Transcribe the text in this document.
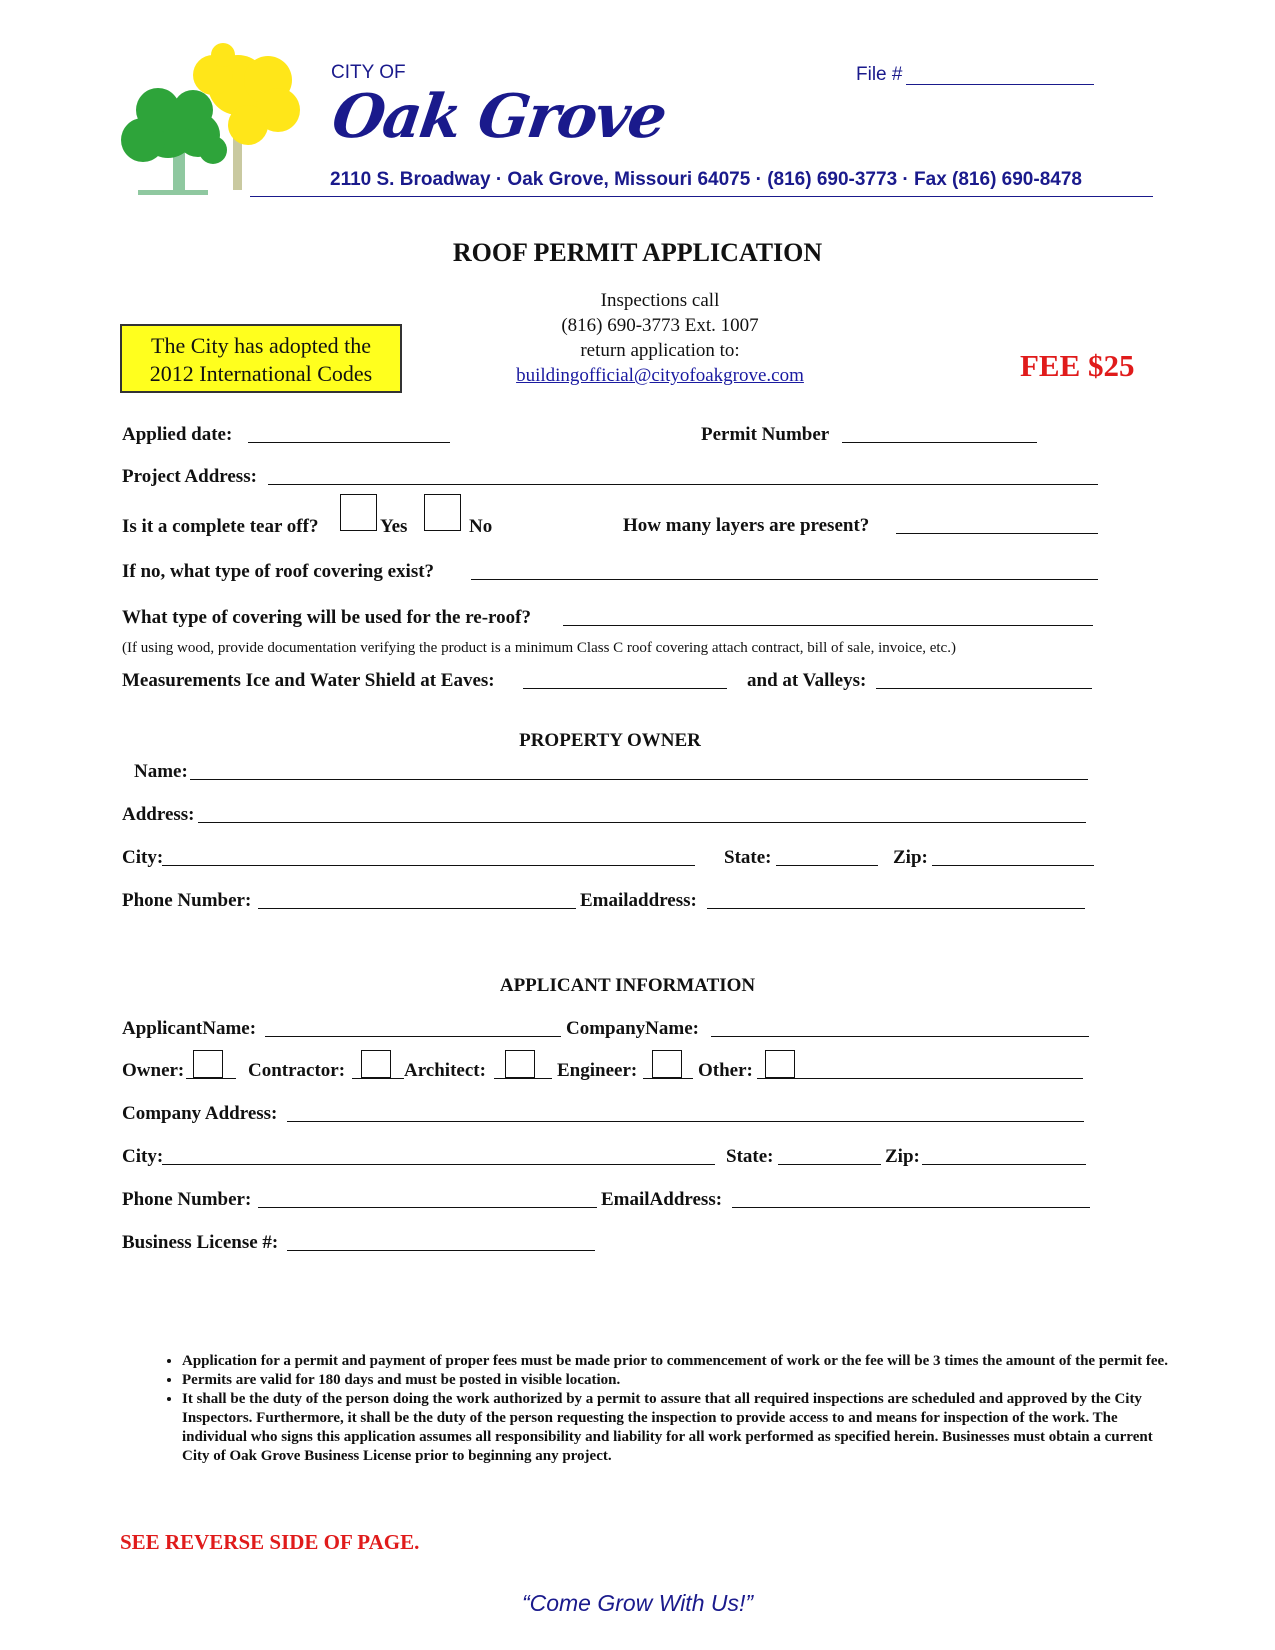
CITY OF
Oak Grove
File #
2110 S. Broadway · Oak Grove, Missouri 64075 · (816) 690-3773 · Fax (816) 690-8478
ROOF PERMIT APPLICATION
Inspections call
(816) 690-3773 Ext. 1007
return application to:
buildingofficial@cityofoakgrove.com
The City has adopted the
2012 International Codes	FEE $25
Applied date:	Permit Number
Project Address:
Is it a complete tear off?	Yes	No	How many layers are present?
If no, what type of roof covering exist?
What type of covering will be used for the re-roof?
(If using wood, provide documentation verifying the product is a minimum Class C roof covering attach contract, bill of sale, invoice, etc.)
Measurements Ice and Water Shield at Eaves:	and at Valleys:
PROPERTY OWNER
Name:
Address:
City:	State:	Zip:
Phone Number:	Emailaddress:
APPLICANT INFORMATION
ApplicantName:	CompanyName:
Owner:	Contractor:	Architect:	Engineer:	Other:
Company Address:
City:	State:	Zip:
Phone Number:	EmailAddress:
Business License #:
• Application for a permit and payment of proper fees must be made prior to commencement of work or the fee will be 3 times the amount of the permit fee.
• Permits are valid for 180 days and must be posted in visible location.
• It shall be the duty of the person doing the work authorized by a permit to assure that all required inspections are scheduled and approved by the City Inspectors. Furthermore, it shall be the duty of the person requesting the inspection to provide access to and means for inspection of the work. The individual who signs this application assumes all responsibility and liability for all work performed as specified herein. Businesses must obtain a current City of Oak Grove Business License prior to beginning any project.
SEE REVERSE SIDE OF PAGE.
“Come Grow With Us!”
